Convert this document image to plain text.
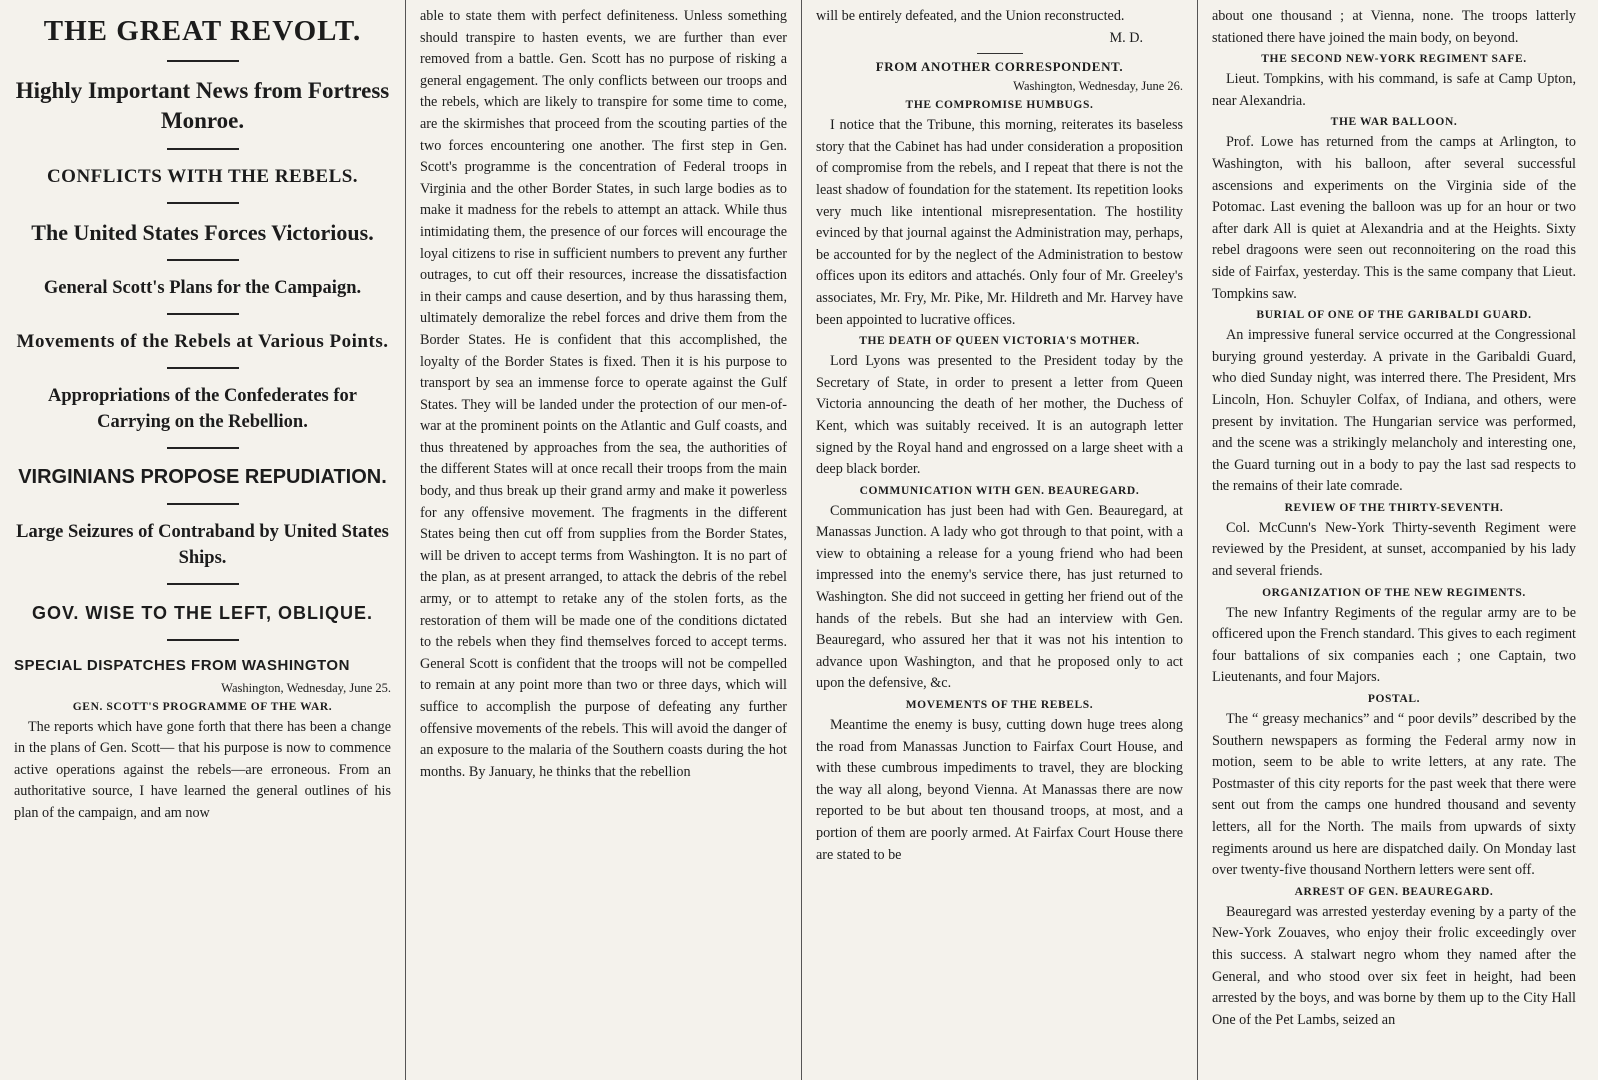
THE GREAT REVOLT.
Highly Important News from Fortress Monroe.
CONFLICTS WITH THE REBELS.
The United States Forces Victorious.
General Scott's Plans for the Campaign.
Movements of the Rebels at Various Points.
Appropriations of the Confederates for Carrying on the Rebellion.
VIRGINIANS PROPOSE REPUDIATION.
Large Seizures of Contraband by United States Ships.
GOV. WISE TO THE LEFT, OBLIQUE.
SPECIAL DISPATCHES FROM WASHINGTON
Washington, Wednesday, June 25.
GEN. SCOTT'S PROGRAMME OF THE WAR.

The reports which have gone forth that there has been a change in the plans of Gen. Scott— that his purpose is now to commence active operations against the rebels—are erroneous. From an authoritative source, I have learned the general outlines of his plan of the campaign, and am now

able to state them with perfect definiteness. Unless something should transpire to hasten events, we are further than ever removed from a battle. Gen. Scott has no purpose of risking a general engagement. The only conflicts between our troops and the rebels, which are likely to transpire for some time to come, are the skirmishes that proceed from the scouting parties of the two forces encountering one another. The first step in Gen. Scott's programme is the concentration of Federal troops in Virginia and the other Border States, in such large bodies as to make it madness for the rebels to attempt an attack. While thus intimidating them, the presence of our forces will encourage the loyal citizens to rise in sufficient numbers to prevent any further outrages, to cut off their resources, increase the dissatisfaction in their camps and cause desertion, and by thus harassing them, ultimately demoralize the rebel forces and drive them from the Border States. He is confident that this accomplished, the loyalty of the Border States is fixed. Then it is his purpose to transport by sea an immense force to operate against the Gulf States. They will be landed under the protection of our men-of-war at the prominent points on the Atlantic and Gulf coasts, and thus threatened by approaches from the sea, the authorities of the different States will at once recall their troops from the main body, and thus break up their grand army and make it powerless for any offensive movement. The fragments in the different States being then cut off from supplies from the Border States, will be driven to accept terms from Washington. It is no part of the plan, as at present arranged, to attack the debris of the rebel army, or to attempt to retake any of the stolen forts, as the restoration of them will be made one of the conditions dictated to the rebels when they find themselves forced to accept terms. General Scott is confident that the troops will not be compelled to remain at any point more than two or three days, which will suffice to accomplish the purpose of defeating any further offensive movements of the rebels. This will avoid the danger of an exposure to the malaria of the Southern coasts during the hot months. By January, he thinks that the rebellion

will be entirely defeated, and the Union reconstructed.

M. D.
FROM ANOTHER CORRESPONDENT.
Washington, Wednesday, June 26.
THE COMPROMISE HUMBUGS.

I notice that the Tribune, this morning, reiterates its baseless story that the Cabinet has had under consideration a proposition of compromise from the rebels, and I repeat that there is not the least shadow of foundation for the statement. Its repetition looks very much like intentional misrepresentation. The hostility evinced by that journal against the Administration may, perhaps, be accounted for by the neglect of the Administration to bestow offices upon its editors and attachés. Only four of Mr. Greeley's associates, Mr. Fry, Mr. Pike, Mr. Hildreth and Mr. Harvey have been appointed to lucrative offices.

THE DEATH OF QUEEN VICTORIA'S MOTHER.

Lord Lyons was presented to the President today by the Secretary of State, in order to present a letter from Queen Victoria announcing the death of her mother, the Duchess of Kent, which was suitably received. It is an autograph letter signed by the Royal hand and engrossed on a large sheet with a deep black border.

COMMUNICATION WITH GEN. BEAUREGARD.

Communication has just been had with Gen. Beauregard, at Manassas Junction. A lady who got through to that point, with a view to obtaining a release for a young friend who had been impressed into the enemy's service there, has just returned to Washington. She did not succeed in getting her friend out of the hands of the rebels. But she had an interview with Gen. Beauregard, who assured her that it was not his intention to advance upon Washington, and that he proposed only to act upon the defensive, &c.

MOVEMENTS OF THE REBELS.

Meantime the enemy is busy, cutting down huge trees along the road from Manassas Junction to Fairfax Court House, and with these cumbrous impediments to travel, they are blocking the way all along, beyond Vienna. At Manassas there are now reported to be but about ten thousand troops, at most, and a portion of them are poorly armed. At Fairfax Court House there are stated to be

about one thousand ; at Vienna, none. The troops latterly stationed there have joined the main body, on beyond.

THE SECOND NEW-YORK REGIMENT SAFE.

Lieut. Tompkins, with his command, is safe at Camp Upton, near Alexandria.

THE WAR BALLOON.

Prof. Lowe has returned from the camps at Arlington, to Washington, with his balloon, after several successful ascensions and experiments on the Virginia side of the Potomac. Last evening the balloon was up for an hour or two after dark All is quiet at Alexandria and at the Heights. Sixty rebel dragoons were seen out reconnoitering on the road this side of Fairfax, yesterday. This is the same company that Lieut. Tompkins saw.

BURIAL OF ONE OF THE GARIBALDI GUARD.

An impressive funeral service occurred at the Congressional burying ground yesterday. A private in the Garibaldi Guard, who died Sunday night, was interred there. The President, Mrs Lincoln, Hon. Schuyler Colfax, of Indiana, and others, were present by invitation. The Hungarian service was performed, and the scene was a strikingly melancholy and interesting one, the Guard turning out in a body to pay the last sad respects to the remains of their late comrade.

REVIEW OF THE THIRTY-SEVENTH.

Col. McCunn's New-York Thirty-seventh Regiment were reviewed by the President, at sunset, accompanied by his lady and several friends.

ORGANIZATION OF THE NEW REGIMENTS.

The new Infantry Regiments of the regular army are to be officered upon the French standard. This gives to each regiment four battalions of six companies each ; one Captain, two Lieutenants, and four Majors.

POSTAL.

The “ greasy mechanics” and “ poor devils” described by the Southern newspapers as forming the Federal army now in motion, seem to be able to write letters, at any rate. The Postmaster of this city reports for the past week that there were sent out from the camps one hundred thousand and seventy letters, all for the North. The mails from upwards of sixty regiments around us here are dispatched daily. On Monday last over twenty-five thousand Northern letters were sent off.

ARREST OF GEN. BEAUREGARD.

Beauregard was arrested yesterday evening by a party of the New-York Zouaves, who enjoy their frolic exceedingly over this success. A stalwart negro whom they named after the General, and who stood over six feet in height, had been arrested by the boys, and was borne by them up to the City Hall One of the Pet Lambs, seized an
